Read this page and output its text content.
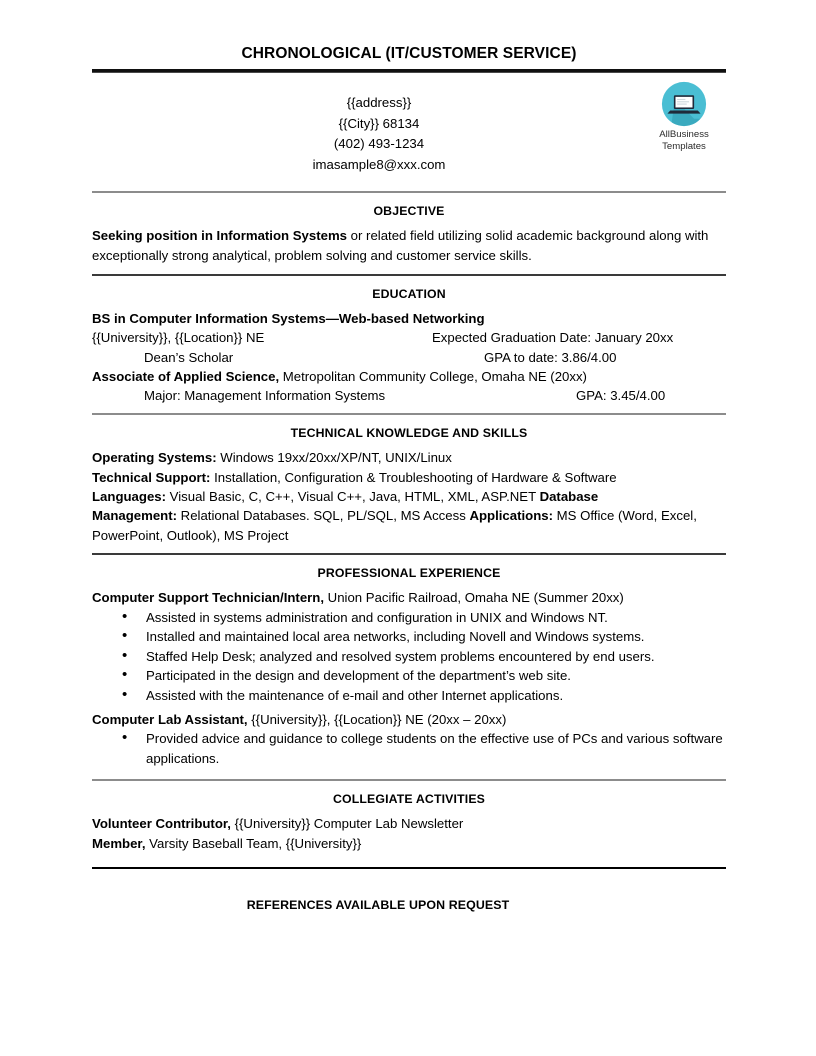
CHRONOLOGICAL (IT/CUSTOMER SERVICE)
{{address}}
{{City}} 68134
(402) 493-1234
imasample8@xxx.com
AllBusiness
Templates
OBJECTIVE
Seeking position in Information Systems or related field utilizing solid academic background along with exceptionally strong analytical, problem solving and customer service skills.
EDUCATION
BS in Computer Information Systems—Web-based Networking
{{University}}, {{Location}} NE	Expected Graduation Date: January 20xx
Dean’s Scholar	GPA to date: 3.86/4.00
Associate of Applied Science, Metropolitan Community College, Omaha NE (20xx)
Major: Management Information Systems	GPA: 3.45/4.00
TECHNICAL KNOWLEDGE AND SKILLS
Operating Systems: Windows 19xx/20xx/XP/NT, UNIX/Linux
Technical Support: Installation, Configuration & Troubleshooting of Hardware & Software
Languages: Visual Basic, C, C++, Visual C++, Java, HTML, XML, ASP.NET Database
Management: Relational Databases. SQL, PL/SQL, MS Access Applications: MS Office (Word, Excel, PowerPoint, Outlook), MS Project
PROFESSIONAL EXPERIENCE
Computer Support Technician/Intern, Union Pacific Railroad, Omaha NE (Summer 20xx)
• Assisted in systems administration and configuration in UNIX and Windows NT.
• Installed and maintained local area networks, including Novell and Windows systems.
• Staffed Help Desk; analyzed and resolved system problems encountered by end users.
• Participated in the design and development of the department’s web site.
• Assisted with the maintenance of e-mail and other Internet applications.
Computer Lab Assistant, {{University}}, {{Location}} NE (20xx – 20xx)
• Provided advice and guidance to college students on the effective use of PCs and various software applications.
COLLEGIATE ACTIVITIES
Volunteer Contributor, {{University}} Computer Lab Newsletter
Member, Varsity Baseball Team, {{University}}
REFERENCES AVAILABLE UPON REQUEST
